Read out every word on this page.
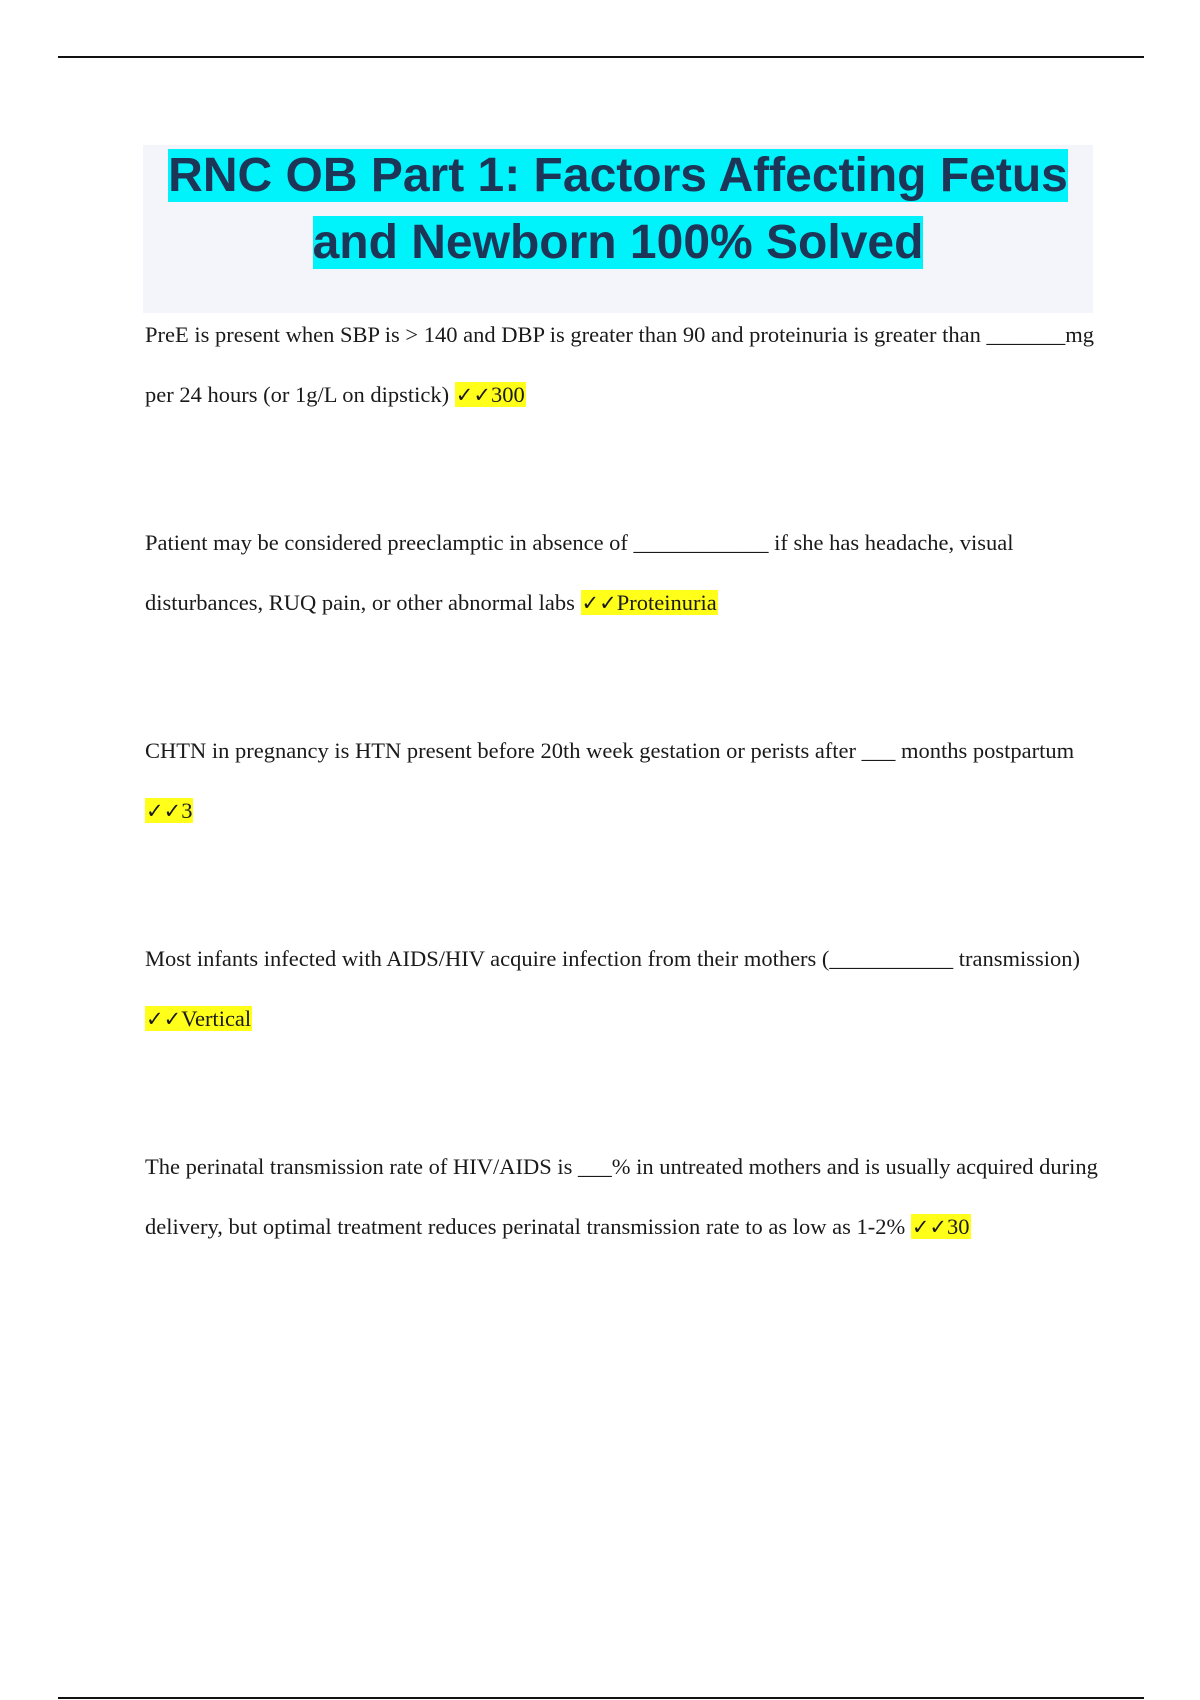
RNC OB Part 1: Factors Affecting Fetus and Newborn 100% Solved

PreE is present when SBP is > 140 and DBP is greater than 90 and proteinuria is greater than _______mg per 24 hours (or 1g/L on dipstick) ✓✓300

Patient may be considered preeclamptic in absence of ____________ if she has headache, visual disturbances, RUQ pain, or other abnormal labs ✓✓Proteinuria

CHTN in pregnancy is HTN present before 20th week gestation or perists after ___ months postpartum ✓✓3

Most infants infected with AIDS/HIV acquire infection from their mothers (___________ transmission) ✓✓Vertical

The perinatal transmission rate of HIV/AIDS is ___% in untreated mothers and is usually acquired during delivery, but optimal treatment reduces perinatal transmission rate to as low as 1-2% ✓✓30
